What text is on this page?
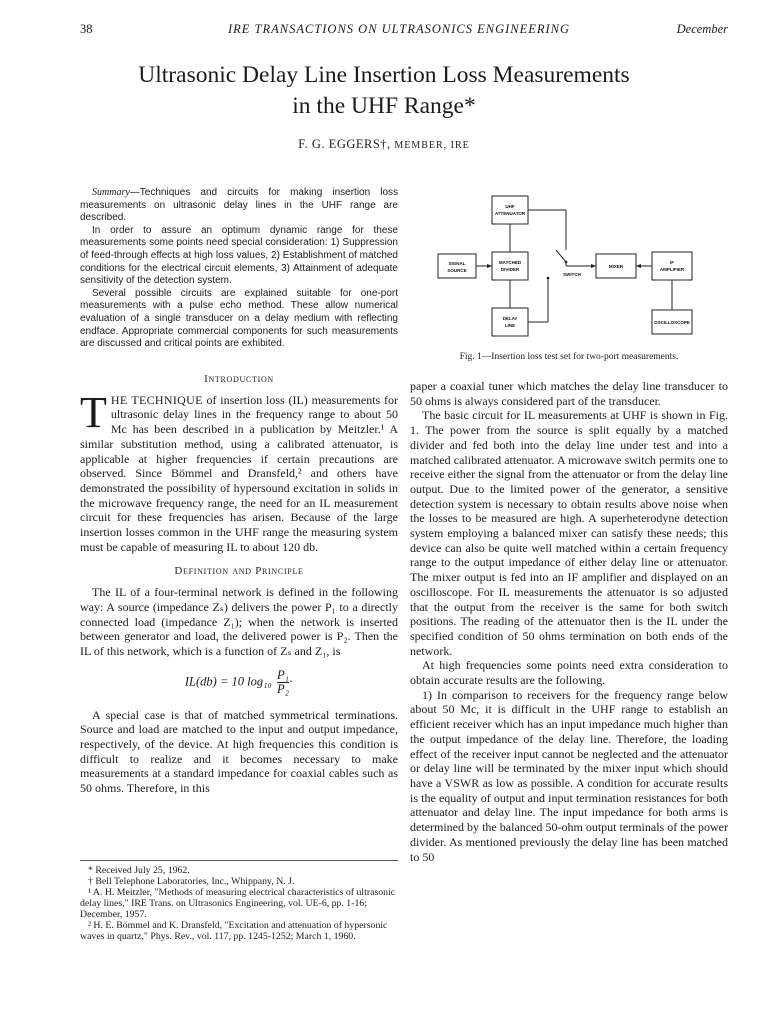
38	IRE TRANSACTIONS ON ULTRASONICS ENGINEERING	December
Ultrasonic Delay Line Insertion Loss Measurements
in the UHF Range*
F. G. EGGERS†, MEMBER, IRE

Summary—Techniques and circuits for making insertion loss measurements on ultrasonic delay lines in the UHF range are described.

In order to assure an optimum dynamic range for these measurements some points need special consideration: 1) Suppression of feed-through effects at high loss values, 2) Establishment of matched conditions for the electrical circuit elements, 3) Attainment of adequate sensitivity of the detection system.

Several possible circuits are explained suitable for one-port measurements with a pulse echo method. These allow numerical evaluation of a single transducer on a delay medium with reflecting endface. Appropriate commercial components for such measurements are discussed and critical points are exhibited.

UHF
ATTENUATOR
SIGNAL
SOURCE
MATCHED
DIVIDER
SWITCH
MIXER
IF
AMPLIFIER
DELAY
LINE
OSCILLOSCOPE
Fig. 1—Insertion loss test set for two-port measurements.
Introduction

THE TECHNIQUE of insertion loss (IL) measurements for ultrasonic delay lines in the frequency range to about 50 Mc has been described in a publication by Meitzler.¹ A similar substitution method, using a calibrated attenuator, is applicable at higher frequencies if certain precautions are observed. Since Bömmel and Dransfeld,² and others have demonstrated the possibility of hypersound excitation in solids in the microwave frequency range, the need for an IL measurement circuit for these frequencies has arisen. Because of the large insertion losses common in the UHF range the measuring system must be capable of measuring IL to about 120 db.

Definition and Principle

The IL of a four-terminal network is defined in the following way: A source (impedance Zₛ) delivers the power P₁ to a directly connected load (impedance Z₁); when the network is inserted between generator and load, the delivered power is P₂. Then the IL of this network, which is a function of Zₛ and Z₁, is

IL(db) = 10 $\log_{10} \frac{\text{P₁}}{\text{P₂}}$ ·

A special case is that of matched symmetrical terminations. Source and load are matched to the input and output impedance, respectively, of the device. At high frequencies this condition is difficult to realize and it becomes necessary to make measurements at a standard impedance for coaxial cables such as 50 ohms. Therefore, in this

paper a coaxial tuner which matches the delay line transducer to 50 ohms is always considered part of the transducer.

The basic circuit for IL measurements at UHF is shown in Fig. 1. The power from the source is split equally by a matched divider and fed both into the delay line under test and into a matched calibrated attenuator. A microwave switch permits one to receive either the signal from the attenuator or from the delay line output. Due to the limited power of the generator, a sensitive detection system is necessary to obtain results above noise when the losses to be measured are high. A superheterodyne detection system employing a balanced mixer can satisfy these needs; this device can also be quite well matched within a certain frequency range to the output impedance of either delay line or attenuator. The mixer output is fed into an IF amplifier and displayed on an oscilloscope. For IL measurements the attenuator is so adjusted that the output from the receiver is the same for both switch positions. The reading of the attenuator then is the IL under the specified condition of 50 ohms termination on both ends of the network.

At high frequencies some points need extra consideration to obtain accurate results are the following.

1) In comparison to receivers for the frequency range below about 50 Mc, it is difficult in the UHF range to establish an efficient receiver which has an input impedance much higher than the output impedance of the delay line. Therefore, the loading effect of the receiver input cannot be neglected and the attenuator or delay line will be terminated by the mixer input which should have a VSWR as low as possible. A condition for accurate results is the equality of output and input termination resistances for both attenuator and delay line. The input impedance for both arms is determined by the balanced 50-ohm output terminals of the power divider. As mentioned previously the delay line has been matched to 50

* Received July 25, 1962.
† Bell Telephone Laboratories, Inc., Whippany, N. J.
¹ A. H. Meitzler, "Methods of measuring electrical characteristics of ultrasonic delay lines," IRE Trans. on Ultrasonics Engineering, vol. UE-6, pp. 1-16; December, 1957.
² H. E. Bömmel and K. Dransfeld, "Excitation and attenuation of hypersonic waves in quartz," Phys. Rev., vol. 117, pp. 1245-1252; March 1, 1960.
